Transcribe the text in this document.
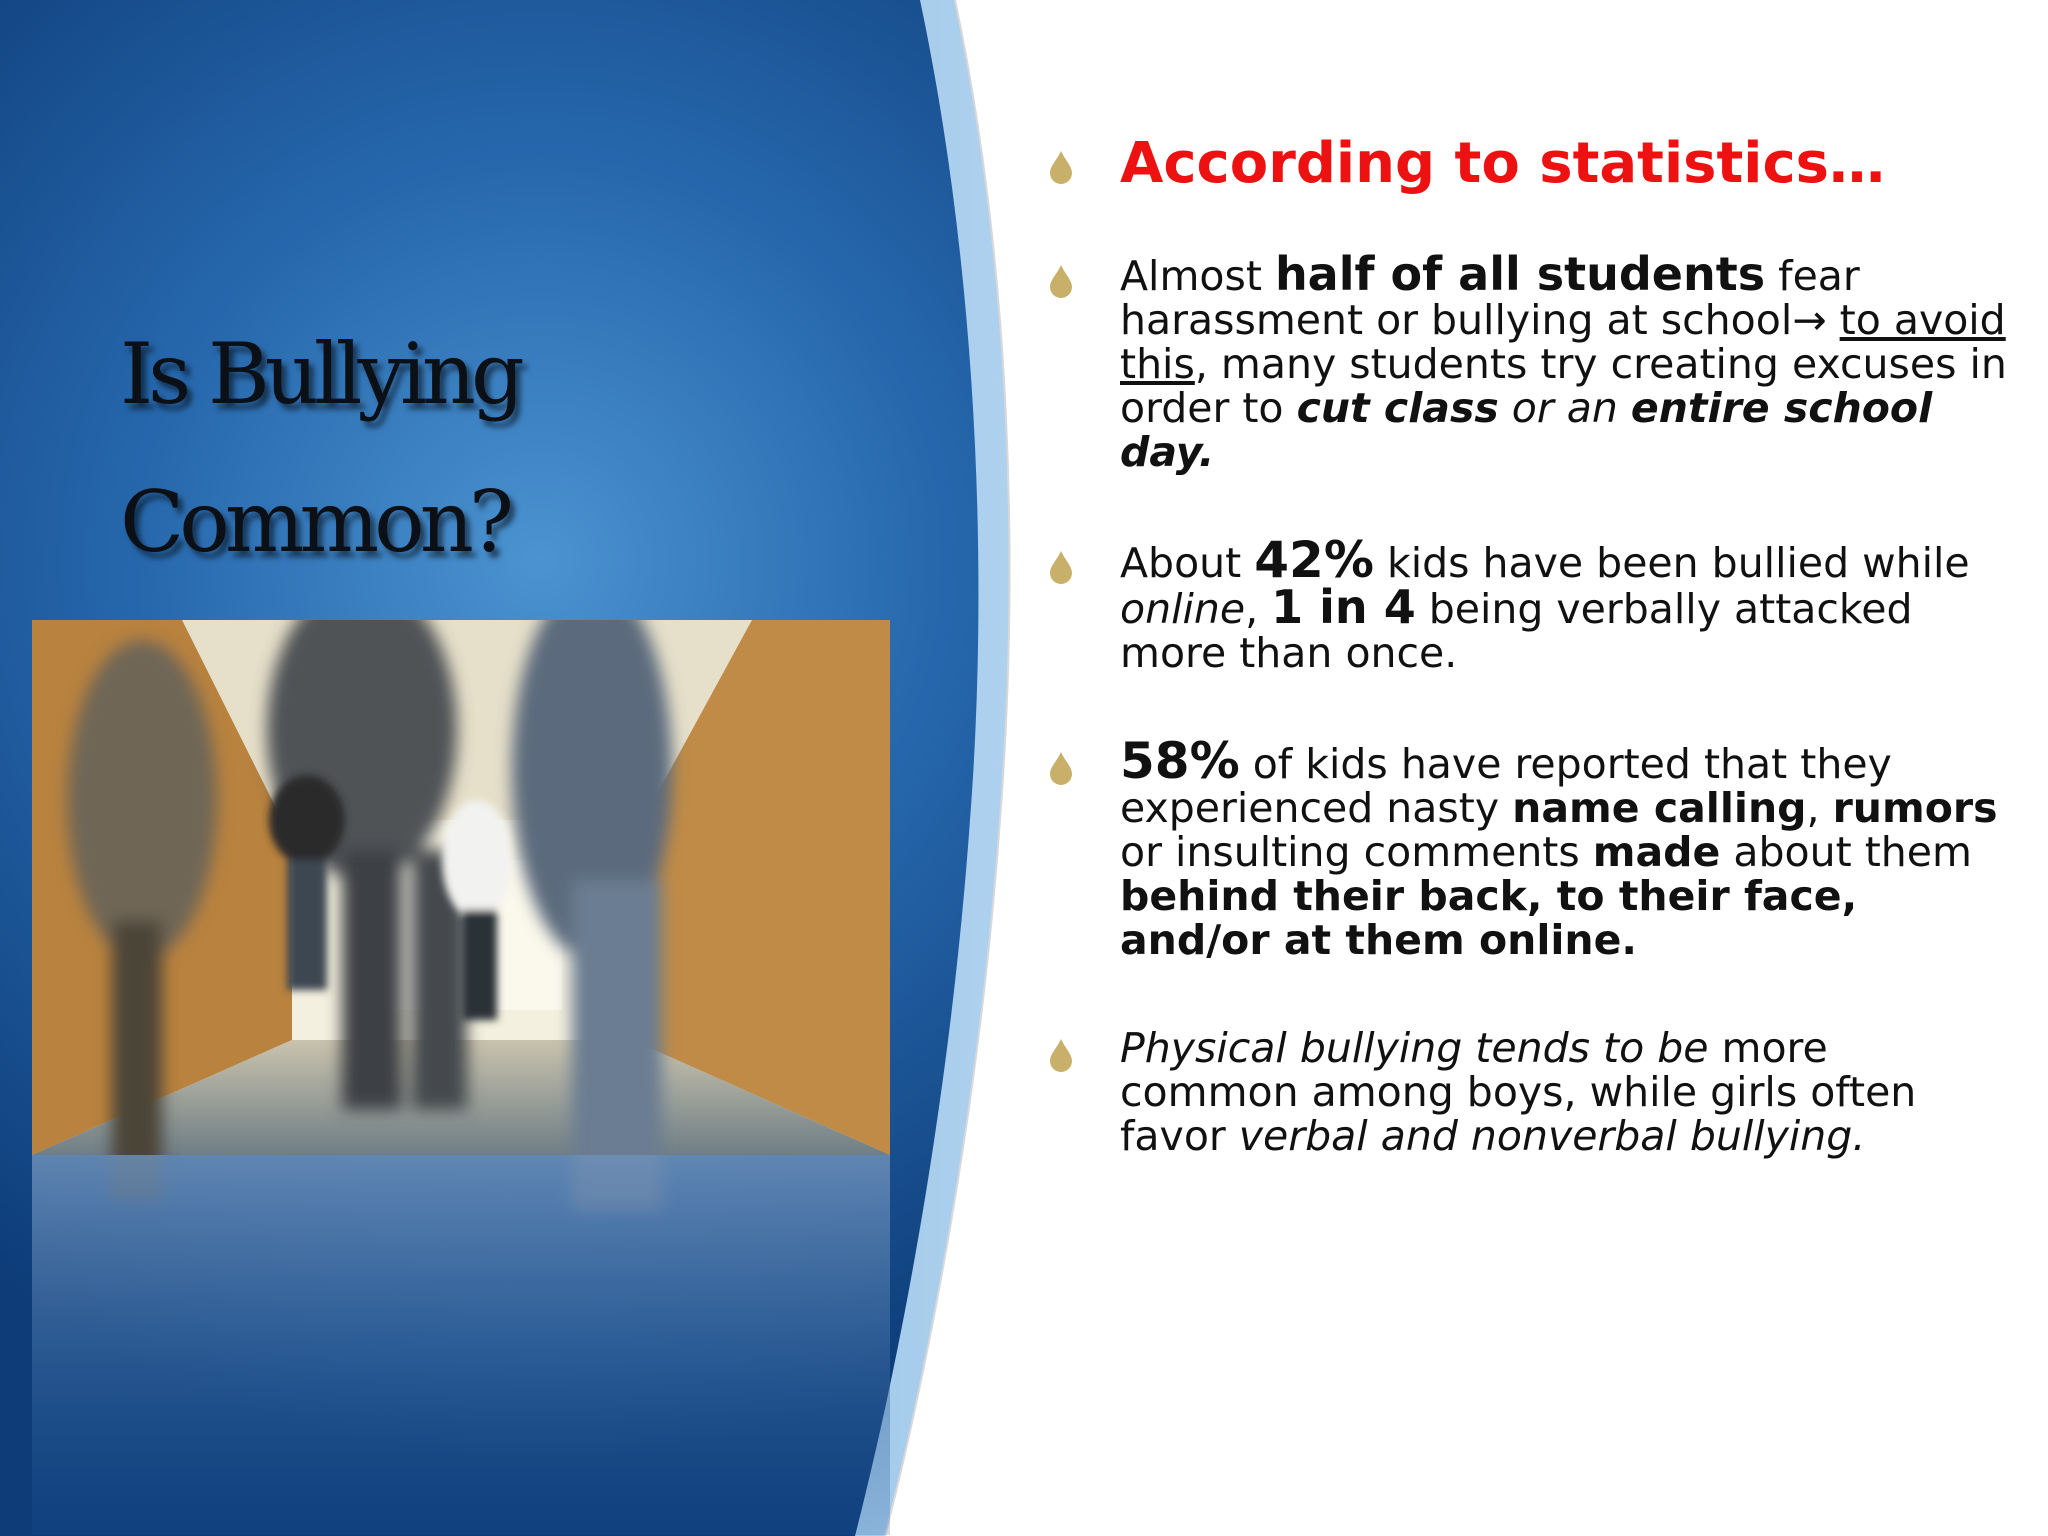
Is Bullying
Common?
According to statistics…
Almost half of all students fear harassment or bullying at school→ to avoid this, many students try creating excuses in order to cut class or an entire school day.
About 42% kids have been bullied while online, 1 in 4 being verbally attacked more than once.
58% of kids have reported that they experienced nasty name calling, rumors or insulting comments made about them behind their back, to their face, and/or at them online.
Physical bullying tends to be more common among boys, while girls often favor verbal and nonverbal bullying.
